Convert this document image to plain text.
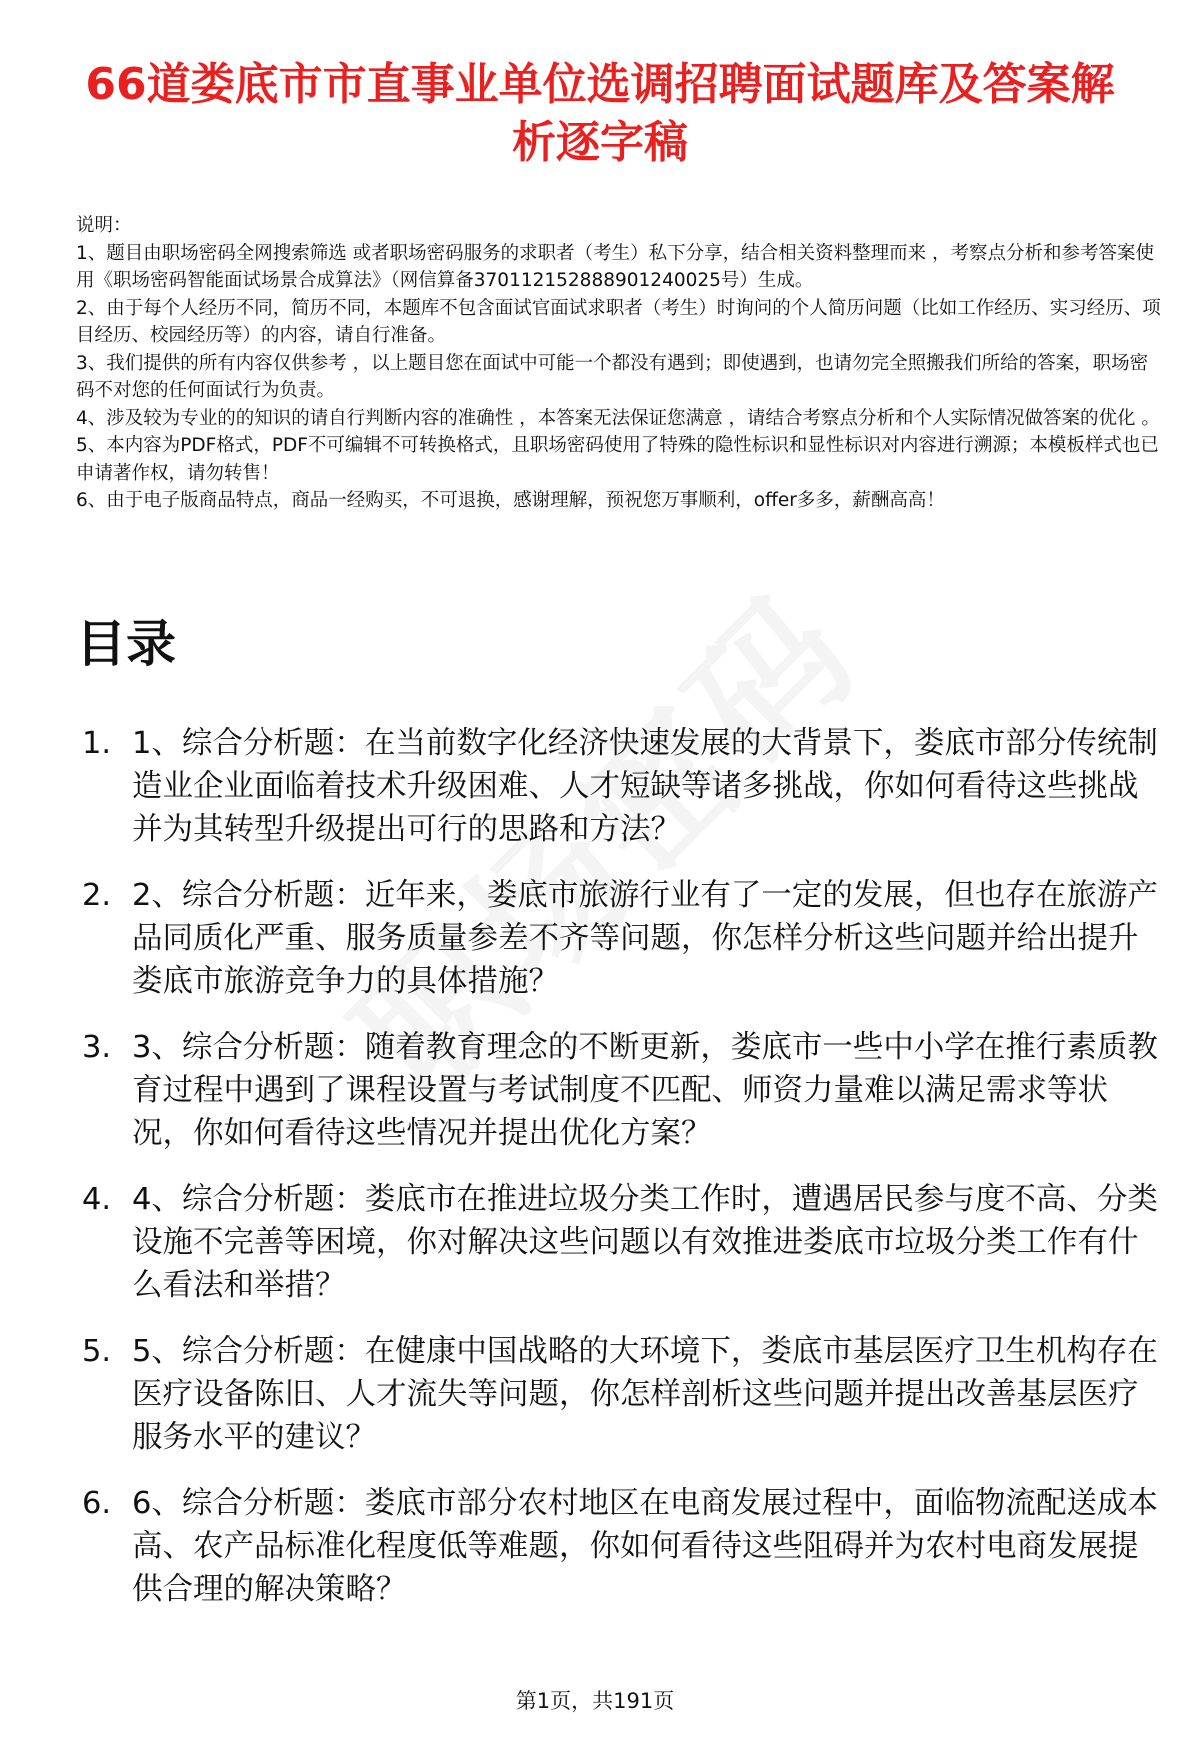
66道娄底市市直事业单位选调招聘面试题库及答案解析逐字稿

说明：

1、题目由职场密码全网搜索筛选 或者职场密码服务的求职者（考生）私下分享，结合相关资料整理而来 ，考察点分析和参考答案使用《职场密码智能面试场景合成算法》（网信算备370112152888901240025号）生成。

2、由于每个人经历不同，简历不同，本题库不包含面试官面试求职者（考生）时询问的个人简历问题（比如工作经历、实习经历、项目经历、校园经历等）的内容，请自行准备。

3、我们提供的所有内容仅供参考 ，以上题目您在面试中可能一个都没有遇到；即使遇到，也请勿完全照搬我们所给的答案，职场密码不对您的任何面试行为负责。

4、涉及较为专业的的知识的请自行判断内容的准确性 ，本答案无法保证您满意 ，请结合考察点分析和个人实际情况做答案的优化 。

5、本内容为PDF格式，PDF不可编辑不可转换格式，且职场密码使用了特殊的隐性标识和显性标识对内容进行溯源；本模板样式也已申请著作权，请勿转售！

6、由于电子版商品特点，商品一经购买，不可退换，感谢理解，预祝您万事顺利，offer多多，薪酬高高！

目录
1. 1、综合分析题：在当前数字化经济快速发展的大背景下，娄底市部分传统制造业企业面临着技术升级困难、人才短缺等诸多挑战，你如何看待这些挑战并为其转型升级提出可行的思路和方法？
2. 2、综合分析题：近年来，娄底市旅游行业有了一定的发展，但也存在旅游产品同质化严重、服务质量参差不齐等问题，你怎样分析这些问题并给出提升娄底市旅游竞争力的具体措施？
3. 3、综合分析题：随着教育理念的不断更新，娄底市一些中小学在推行素质教育过程中遇到了课程设置与考试制度不匹配、师资力量难以满足需求等状况，你如何看待这些情况并提出优化方案？
4. 4、综合分析题：娄底市在推进垃圾分类工作时，遭遇居民参与度不高、分类设施不完善等困境，你对解决这些问题以有效推进娄底市垃圾分类工作有什么看法和举措？
5. 5、综合分析题：在健康中国战略的大环境下，娄底市基层医疗卫生机构存在医疗设备陈旧、人才流失等问题，你怎样剖析这些问题并提出改善基层医疗服务水平的建议？
6. 6、综合分析题：娄底市部分农村地区在电商发展过程中，面临物流配送成本高、农产品标准化程度低等难题，你如何看待这些阻碍并为农村电商发展提供合理的解决策略？
第1页，共191页
